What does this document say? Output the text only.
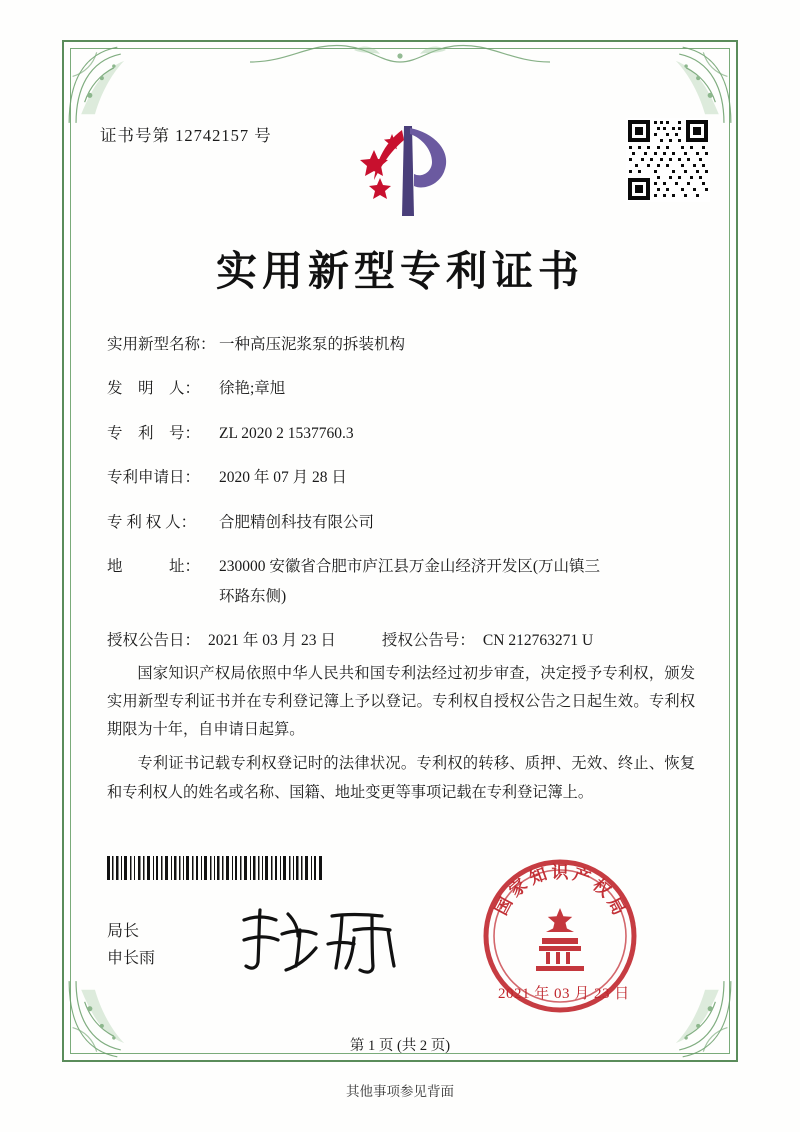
证书号第 12742157 号
实用新型专利证书
实用新型名称： 一种高压泥浆泵的拆装机构
发　明　人：	徐艳;章旭
专　利　号：	ZL 2020 2 1537760.3
专利申请日：	2020 年 07 月 28 日
专 利 权 人：	合肥精创科技有限公司
地　　　址：	230000 安徽省合肥市庐江县万金山经济开发区(万山镇三
环路东侧)
授权公告日： 2021 年 03 月 23 日	授权公告号： CN 212763271 U

国家知识产权局依照中华人民共和国专利法经过初步审查，决定授予专利权，颁发实用新型专利证书并在专利登记簿上予以登记。专利权自授权公告之日起生效。专利权期限为十年，自申请日起算。

专利证书记载专利权登记时的法律状况。专利权的转移、质押、无效、终止、恢复和专利权人的姓名或名称、国籍、地址变更等事项记载在专利登记簿上。

局长
申长雨
国
家
知 识 产
权
局
2021 年 03 月 23 日
第 1 页 (共 2 页)
其他事项参见背面
